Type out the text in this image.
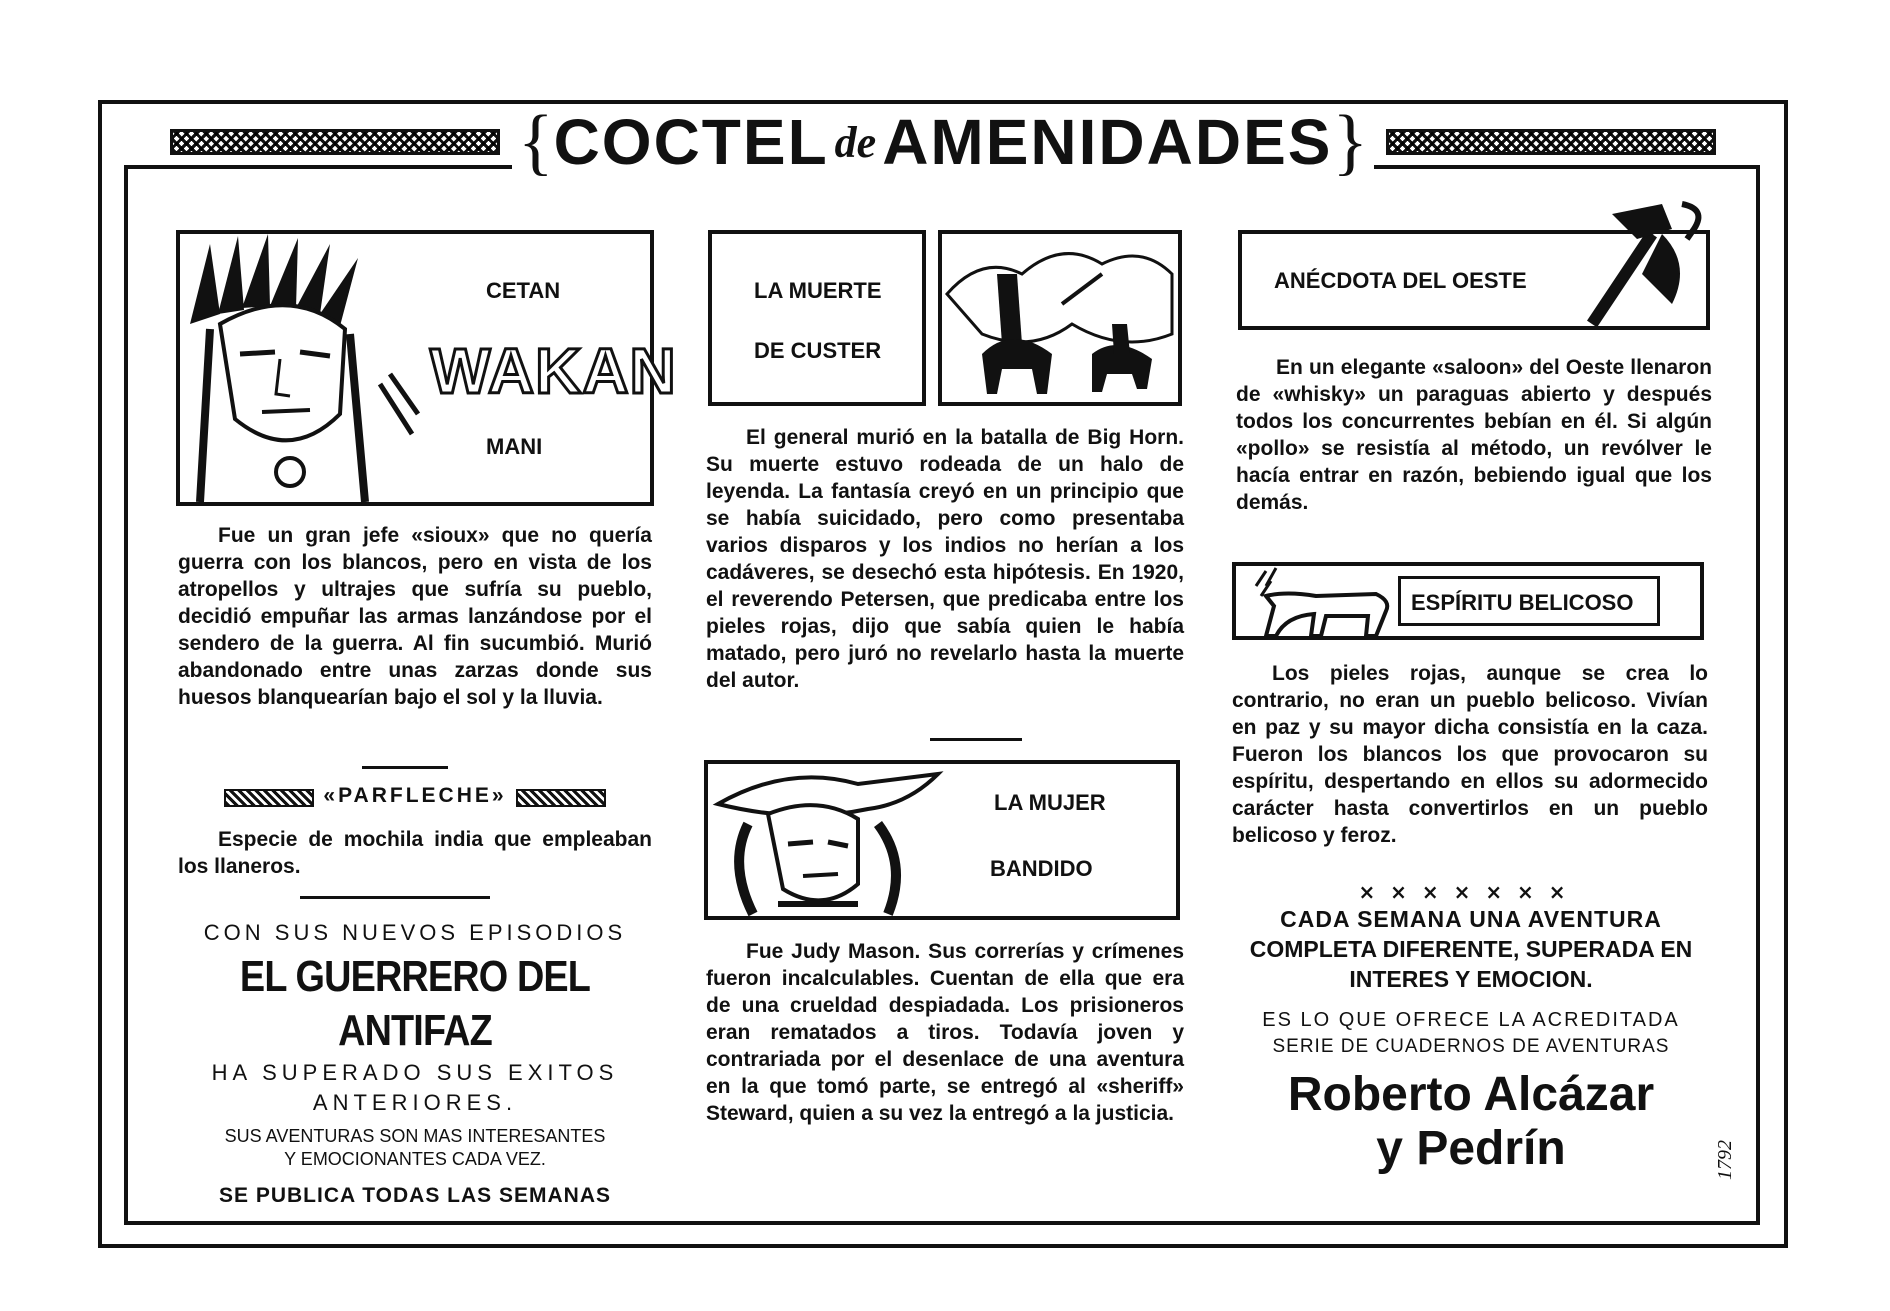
{ COCTEL de AMENIDADES }
CETAN
WAKAN
MANI

Fue un gran jefe «sioux» que no quería guerra con los blancos, pero en vista de los atropellos y ultrajes que sufría su pueblo, decidió empuñar las armas lanzándose por el sendero de la guerra. Al fin sucumbió. Murió abandonado entre unas zarzas donde sus huesos blanquearían bajo el sol y la lluvia.

«PARFLECHE»

Especie de mochila india que empleaban los llaneros.

CON SUS NUEVOS EPISODIOS
EL GUERRERO DEL ANTIFAZ
HA SUPERADO SUS EXITOS
ANTERIORES.
SUS AVENTURAS SON MAS INTERESANTES
Y EMOCIONANTES CADA VEZ.
SE PUBLICA TODAS LAS SEMANAS
LA MUERTE
DE CUSTER

El general murió en la batalla de Big Horn. Su muerte estuvo rodeada de un halo de leyenda. La fantasía creyó en un principio que se había suicidado, pero como presentaba varios disparos y los indios no herían a los cadáveres, se desechó esta hipótesis. En 1920, el reverendo Petersen, que predicaba entre los pieles rojas, dijo que sabía quien le había matado, pero juró no revelarlo hasta la muerte del autor.

LA MUJER
BANDIDO

Fue Judy Mason. Sus correrías y crímenes fueron incalculables. Cuentan de ella que era de una crueldad despiadada. Los prisioneros eran rematados a tiros. Todavía joven y contrariada por el desenlace de una aventura en la que tomó parte, se entregó al «sheriff» Steward, quien a su vez la entregó a la justicia.

ANÉCDOTA DEL OESTE

En un elegante «saloon» del Oeste llenaron de «whisky» un paraguas abierto y después todos los concurrentes bebían en él. Si algún «pollo» se resistía al método, un revólver le hacía entrar en razón, bebiendo igual que los demás.

ESPÍRITU BELICOSO

Los pieles rojas, aunque se crea lo contrario, no eran un pueblo belicoso. Vivían en paz y su mayor dicha consistía en la caza. Fueron los blancos los que provocaron su espíritu, despertando en ellos su adormecido carácter hasta convertirlos en un pueblo belicoso y feroz.

× × × × × × ×
CADA SEMANA UNA AVENTURA
COMPLETA DIFERENTE, SUPERADA EN
INTERES Y EMOCION.
ES LO QUE OFRECE LA ACREDITADA
SERIE DE CUADERNOS DE AVENTURAS
Roberto Alcázar
y Pedrín	1792
